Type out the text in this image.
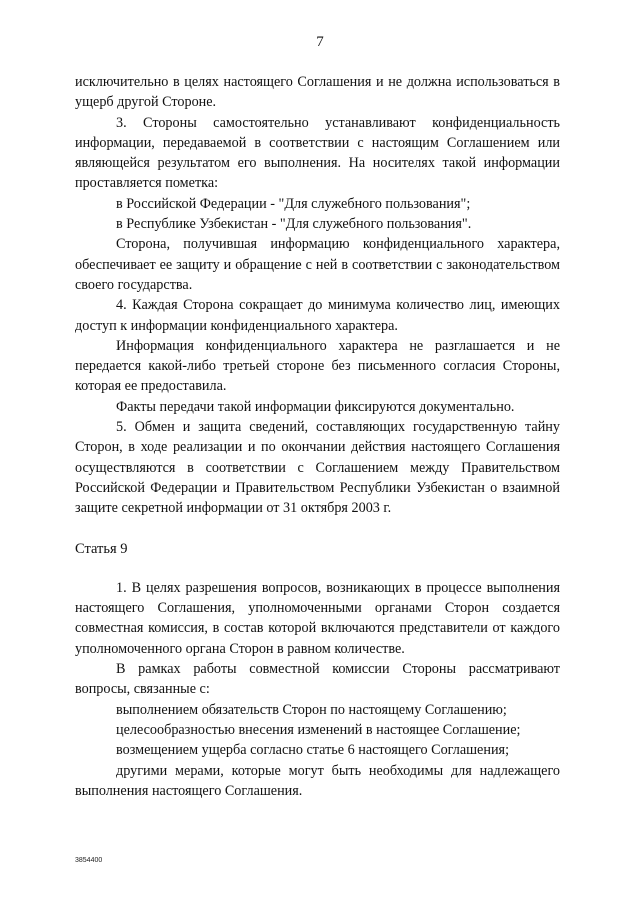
7

исключительно в целях настоящего Соглашения и не должна использоваться в ущерб другой Стороне.

3. Стороны самостоятельно устанавливают конфиденциальность информации, передаваемой в соответствии с настоящим Соглашением или являющейся результатом его выполнения. На носителях такой информации проставляется пометка:

в Российской Федерации - "Для служебного пользования";

в Республике Узбекистан - "Для служебного пользования".

Сторона, получившая информацию конфиденциального характера, обеспечивает ее защиту и обращение с ней в соответствии с законодательством своего государства.

4. Каждая Сторона сокращает до минимума количество лиц, имеющих доступ к информации конфиденциального характера.

Информация конфиденциального характера не разглашается и не передается какой-либо третьей стороне без письменного согласия Стороны, которая ее предоставила.

Факты передачи такой информации фиксируются документально.

5. Обмен и защита сведений, составляющих государственную тайну Сторон, в ходе реализации и по окончании действия настоящего Соглашения осуществляются в соответствии с Соглашением между Правительством Российской Федерации и Правительством Республики Узбекистан о взаимной защите секретной информации от 31 октября 2003 г.

Статья 9

1. В целях разрешения вопросов, возникающих в процессе выполнения настоящего Соглашения, уполномоченными органами Сторон создается совместная комиссия, в состав которой включаются представители от каждого уполномоченного органа Сторон в равном количестве.

В рамках работы совместной комиссии Стороны рассматривают вопросы, связанные с:

выполнением обязательств Сторон по настоящему Соглашению;

целесообразностью внесения изменений в настоящее Соглашение;

возмещением ущерба согласно статье 6 настоящего Соглашения;

другими мерами, которые могут быть необходимы для надлежащего выполнения настоящего Соглашения.

3854400
